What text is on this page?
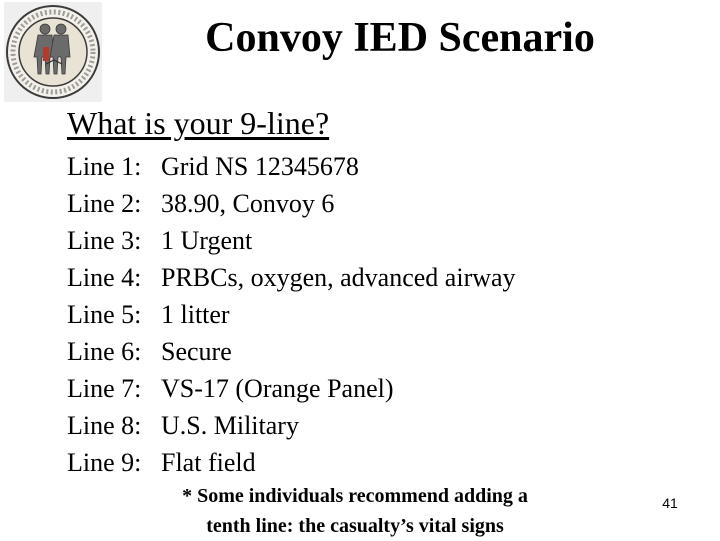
Convoy IED Scenario
What is your 9-line?
Line 1: Grid NS 12345678
Line 2: 38.90, Convoy 6
Line 3: 1 Urgent
Line 4: PRBCs, oxygen, advanced airway
Line 5: 1 litter
Line 6: Secure
Line 7: VS-17 (Orange Panel)
Line 8: U.S. Military
Line 9: Flat field
* Some individuals recommend adding a
tenth line: the casualty’s vital signs
41
